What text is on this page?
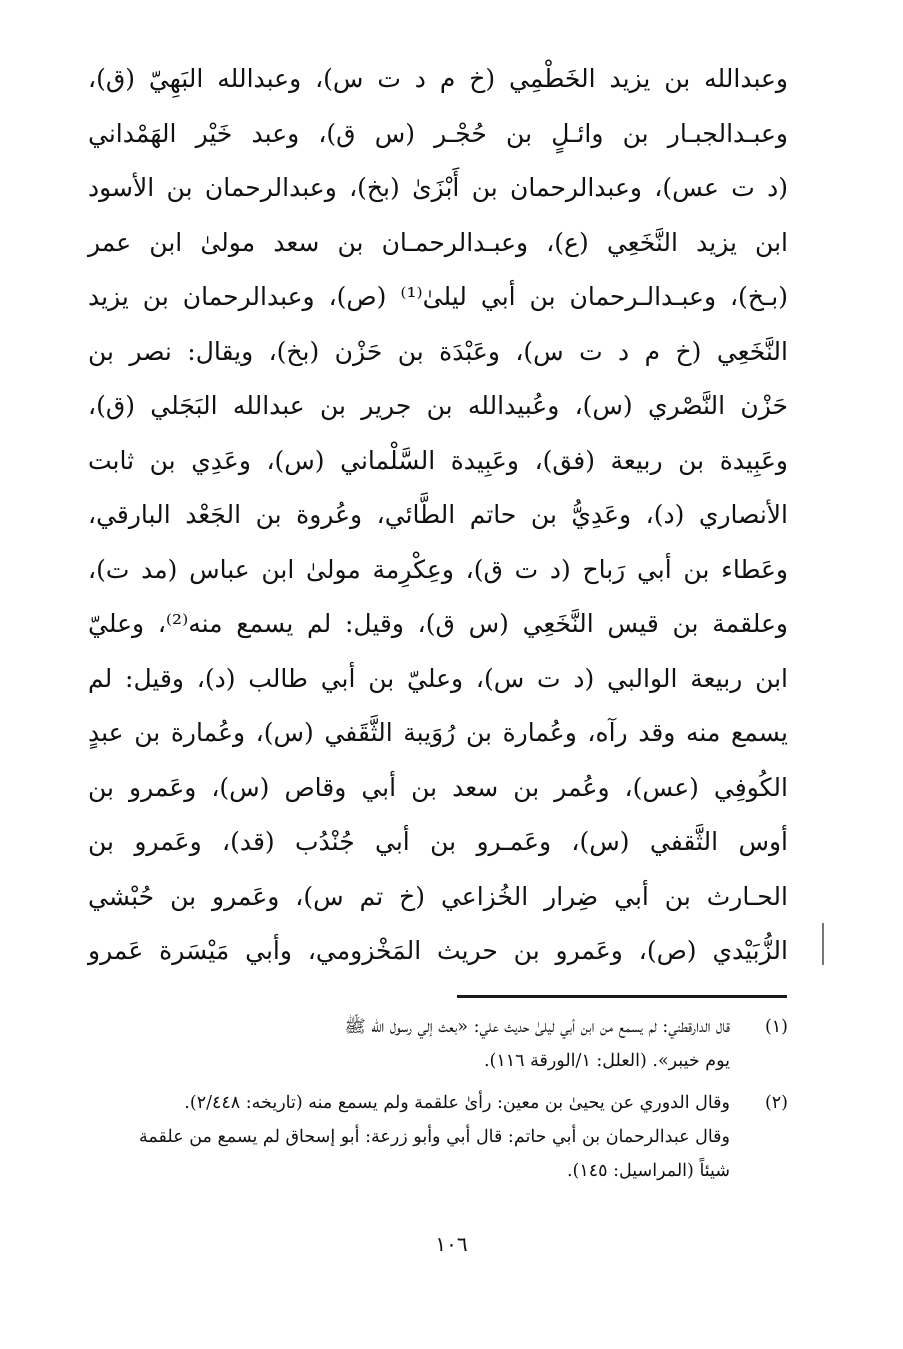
وعبدالله بن يزيد الخَطْمِي (خ م د ت س)، وعبدالله البَهِيّ (ق)،
وعبـدالجبـار بن وائـلٍ بن حُجْـر (س ق)، وعبد خَيْر الهَمْداني
(د ت عس)، وعبدالرحمان بن أَبْزَىٰ (بخ)، وعبدالرحمان بن الأسود
ابن يزيد النَّخَعِي (ع)، وعبـدالرحمـان بن سعد مولىٰ ابن عمر
(بـخ)، وعبـدالـرحمان بن أبي ليلىٰ⁽¹⁾ (ص)، وعبدالرحمان بن يزيد
النَّخَعِي (خ م د ت س)، وعَبْدَة بن حَزْن (بخ)، ويقال: نصر بن
حَزْن النَّصْري (س)، وعُبيدالله بن جرير بن عبدالله البَجَلي (ق)،
وعَبِيدة بن ربيعة (فق)، وعَبِيدة السَّلْماني (س)، وعَدِي بن ثابت
الأنصاري (د)، وعَدِيُّ بن حاتم الطَّائي، وعُروة بن الجَعْد البارقي،
وعَطاء بن أبي رَباح (د ت ق)، وعِكْرِمة مولىٰ ابن عباس (مد ت)،
وعلقمة بن قيس النَّخَعِي (س ق)، وقيل: لم يسمع منه⁽²⁾، وعليّ
ابن ربيعة الوالبي (د ت س)، وعليّ بن أبي طالب (د)، وقيل: لم
يسمع منه وقد رآه، وعُمارة بن رُوَيبة الثَّقَفي (س)، وعُمارة بن عبدٍ
الكُوفِي (عس)، وعُمر بن سعد بن أبي وقاص (س)، وعَمرو بن
أوس الثَّقفي (س)، وعَمـرو بن أبي جُنْدُب (قد)، وعَمرو بن
الحـارث بن أبي ضِرار الخُزاعي (خ تم س)، وعَمرو بن حُبْشي
الزُّبَيْدي (ص)، وعَمرو بن حريث المَخْزومي، وأبي مَيْسَرة عَمرو
(١)
قال الدارقطني: لم يسمع من ابن أبي ليلىٰ حديث علي: «بعث إلي رسول الله ﷺ
يوم خيبر». (العلل: ١/الورقة ١١٦).
(٢)
وقال الدوري عن يحيىٰ بن معين: رأىٰ علقمة ولم يسمع منه (تاريخه: ٢/٤٤٨).
وقال عبدالرحمان بن أبي حاتم: قال أبي وأبو زرعة: أبو إسحاق لم يسمع من علقمة
شيئاً (المراسيل: ١٤٥).
١٠٦
